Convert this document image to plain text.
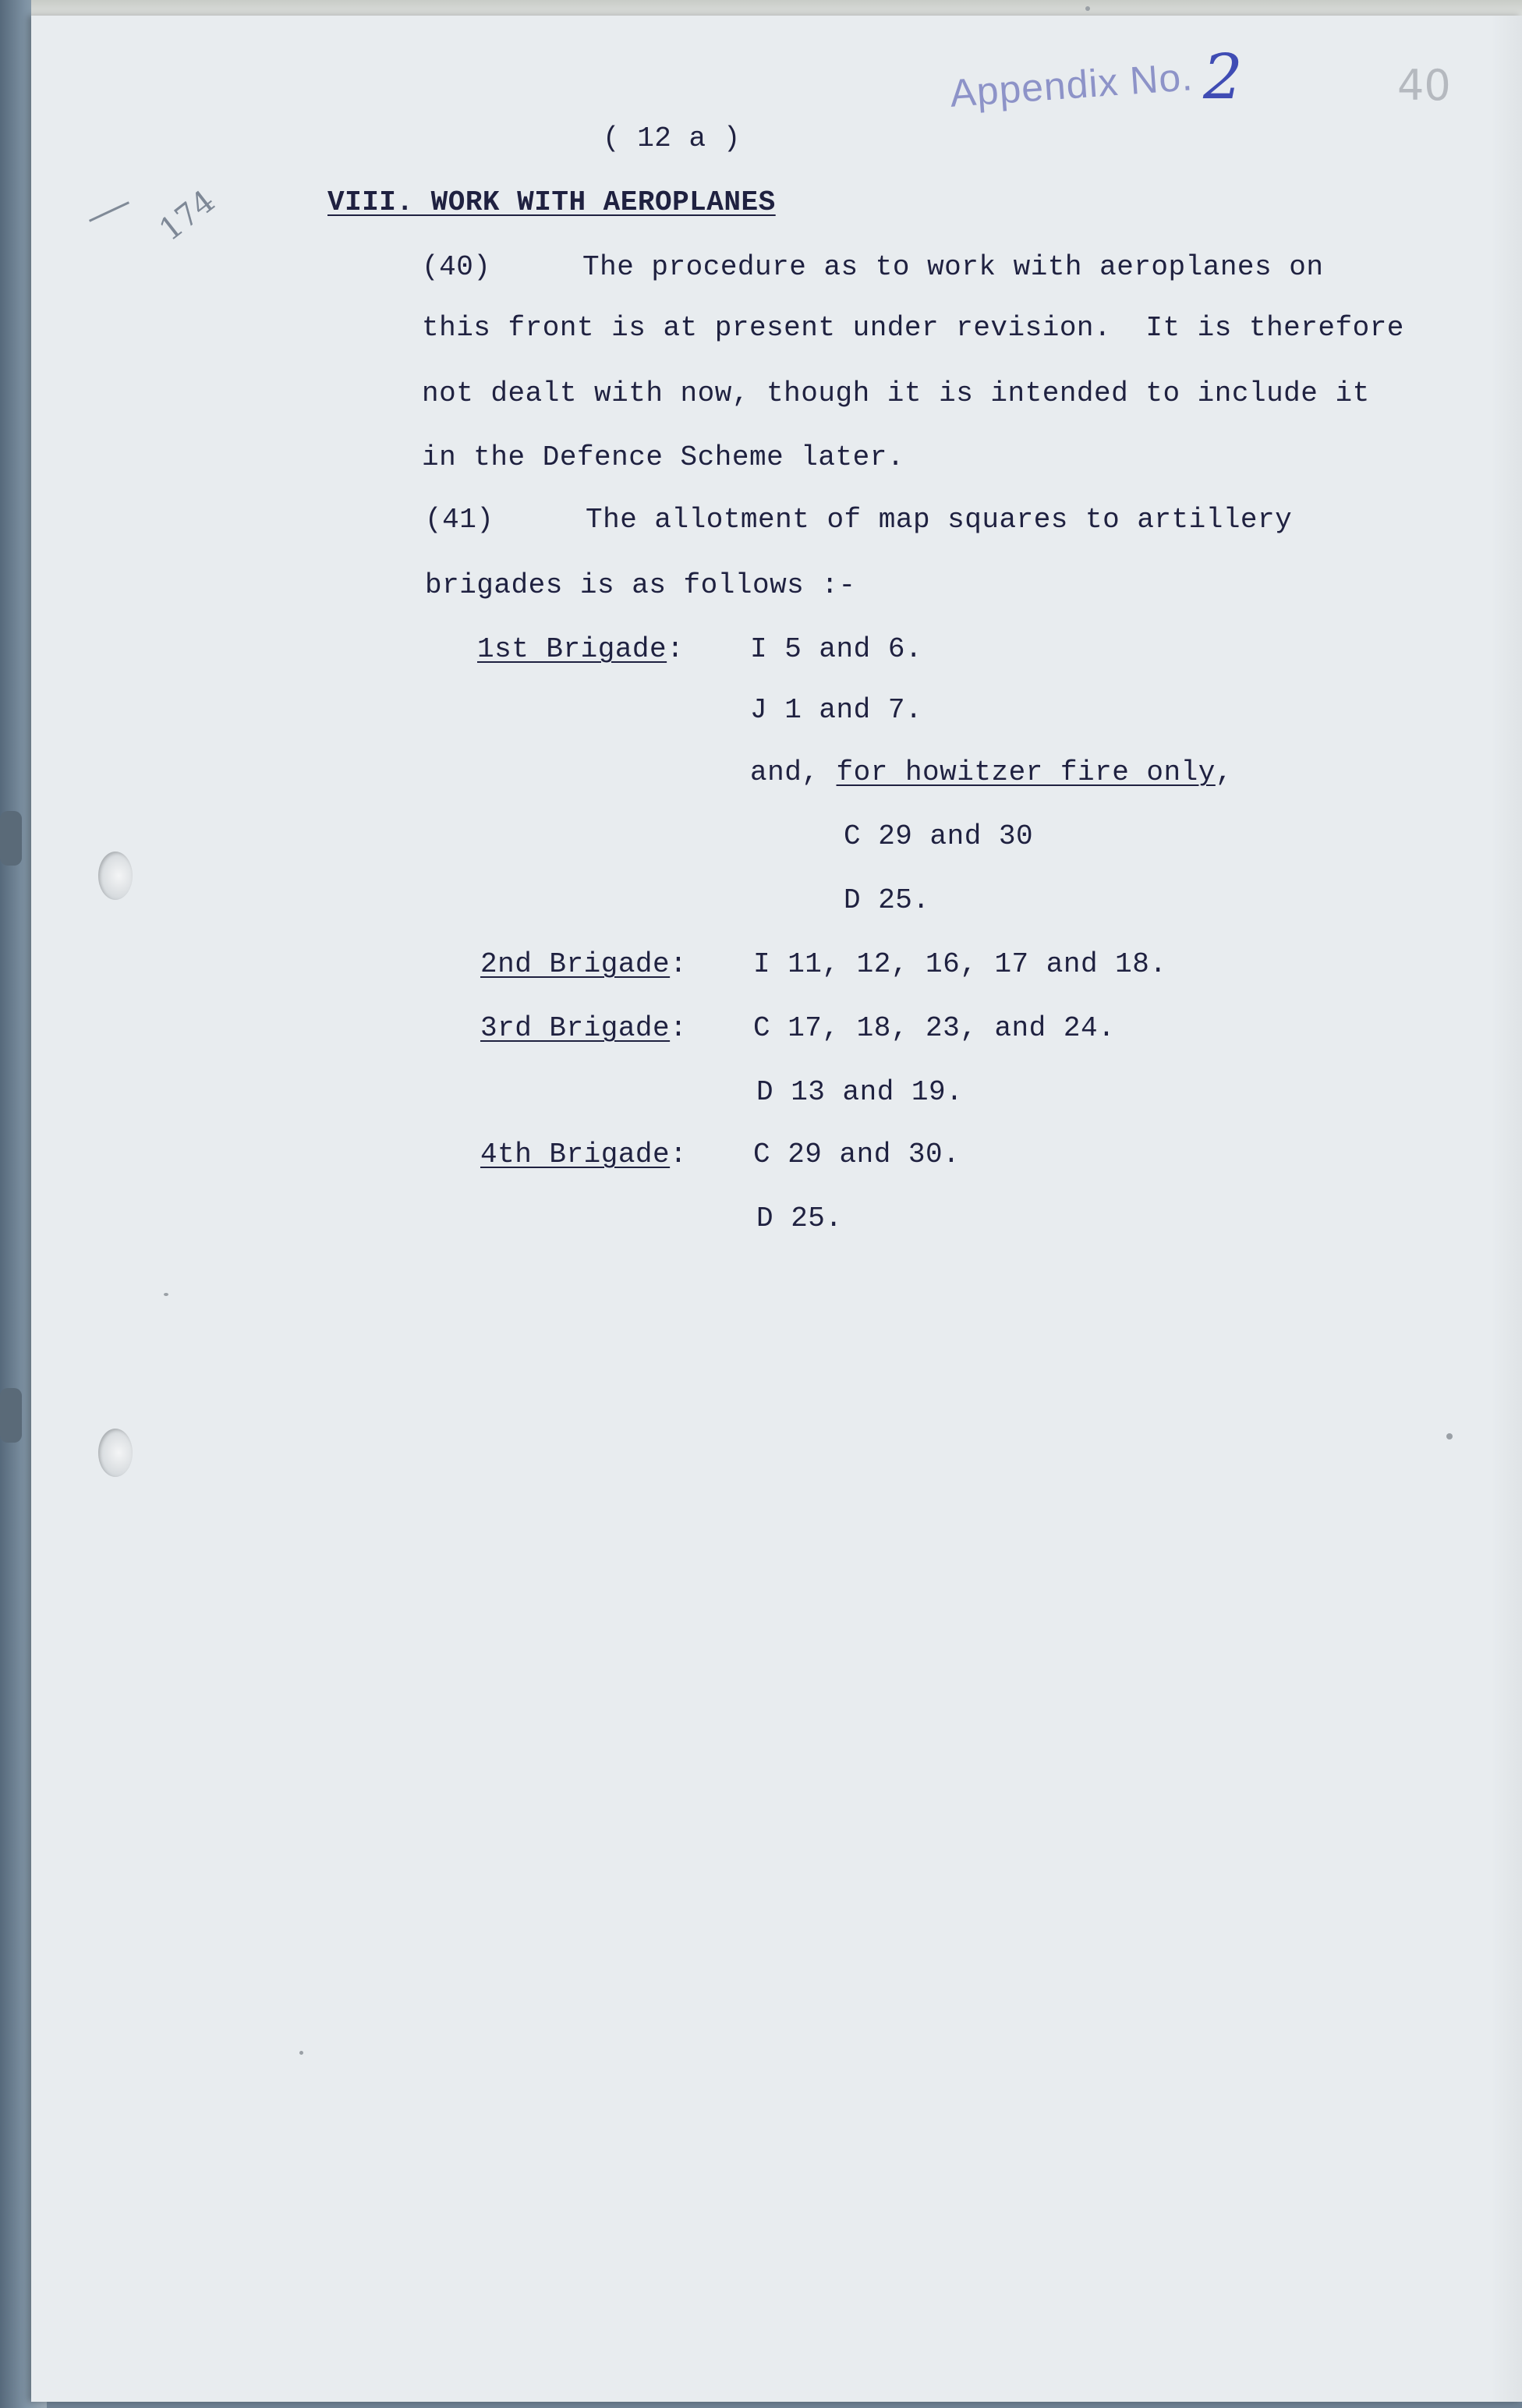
Appendix No. 2	40
174
( 12 a )
VIII. WORK WITH AEROPLANES
(40)	The procedure as to work with aeroplanes on
this front is at present under revision.  It is therefore
not dealt with now, though it is intended to include it
in the Defence Scheme later.
(41)	The allotment of map squares to artillery
brigades is as follows :-
1st Brigade: I 5 and 6.
J 1 and 7.
and, for howitzer fire only,
C 29 and 30
D 25.
2nd Brigade: I 11, 12, 16, 17 and 18.
3rd Brigade: C 17, 18, 23, and 24.
D 13 and 19.
4th Brigade: C 29 and 30.
D 25.
